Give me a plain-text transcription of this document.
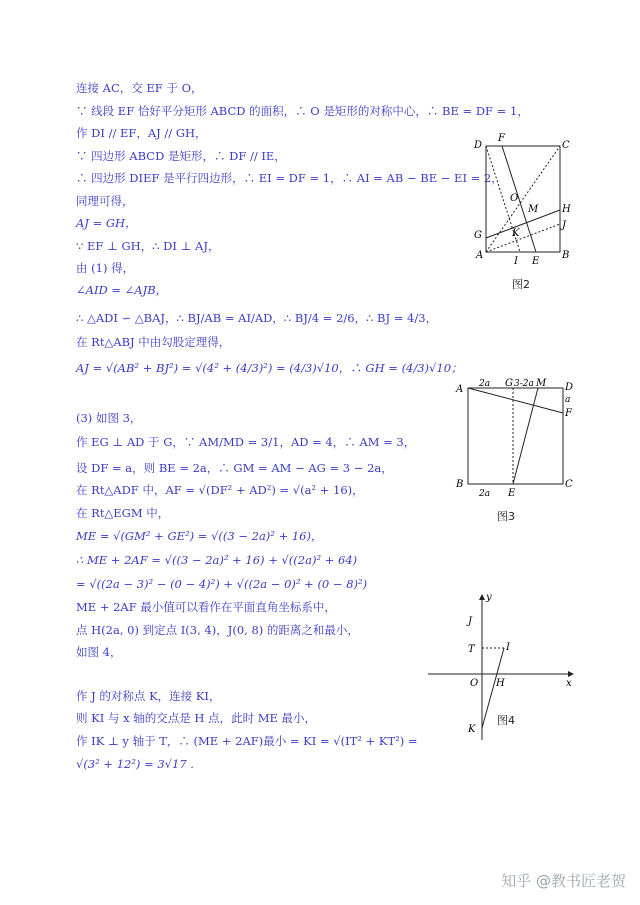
连接 AC，交 EF 于 O，
∵ 线段 EF 恰好平分矩形 ABCD 的面积，∴ O 是矩形的对称中心，∴ BE = DF = 1，
作 DI // EF，AJ // GH，
∵ 四边形 ABCD 是矩形，∴ DF // IE，
∴ 四边形 DIEF 是平行四边形，∴ EI = DF = 1，∴ AI = AB − BE − EI = 2，
同理可得，
AJ = GH，
∵ EF ⊥ GH，∴ DI ⊥ AJ，
由 (1) 得，
∠AID = ∠AJB，
∴ △ADI ∽ △BAJ，∴ BJ/AB = AI/AD，∴ BJ/4 = 2/6，∴ BJ = 4/3，
在 Rt△ABJ 中由勾股定理得，
AJ = √(AB² + BJ²) = √(4² + (4/3)²) = (4/3)√10，∴ GH = (4/3)√10；
(3) 如图 3，
作 EG ⊥ AD 于 G，∵ AM/MD = 3/1，AD = 4，∴ AM = 3，
设 DF = a，则 BE = 2a，∴ GM = AM − AG = 3 − 2a，
在 Rt△ADF 中，AF = √(DF² + AD²) = √(a² + 16)，
在 Rt△EGM 中，
ME = √(GM² + GE²) = √((3 − 2a)² + 16)，
∴ ME + 2AF = √((3 − 2a)² + 16) + √((2a)² + 64)
= √((2a − 3)² − (0 − 4)²) + √((2a − 0)² + (0 − 8)²)
ME + 2AF 最小值可以看作在平面直角坐标系中，
点 H(2a, 0) 到定点 I(3, 4)，J(0, 8) 的距离之和最小，
如图 4，
作 J 的对称点 K，连接 KI，
则 KI 与 x 轴的交点是 H 点，此时 ME 最小，
作 IK ⊥ y 轴于 T，∴ (ME + 2AF)最小 = KI = √(IT² + KT²) =
√(3² + 12²) = 3√17 .
D
F
C
O
M H
G	K
J
A
I E
B
图2
A 2a G 3-2a M D
a
F
B
2a E
C
图3
y
x
J
T	I
O H
K
图4
知乎 @教书匠老贺
